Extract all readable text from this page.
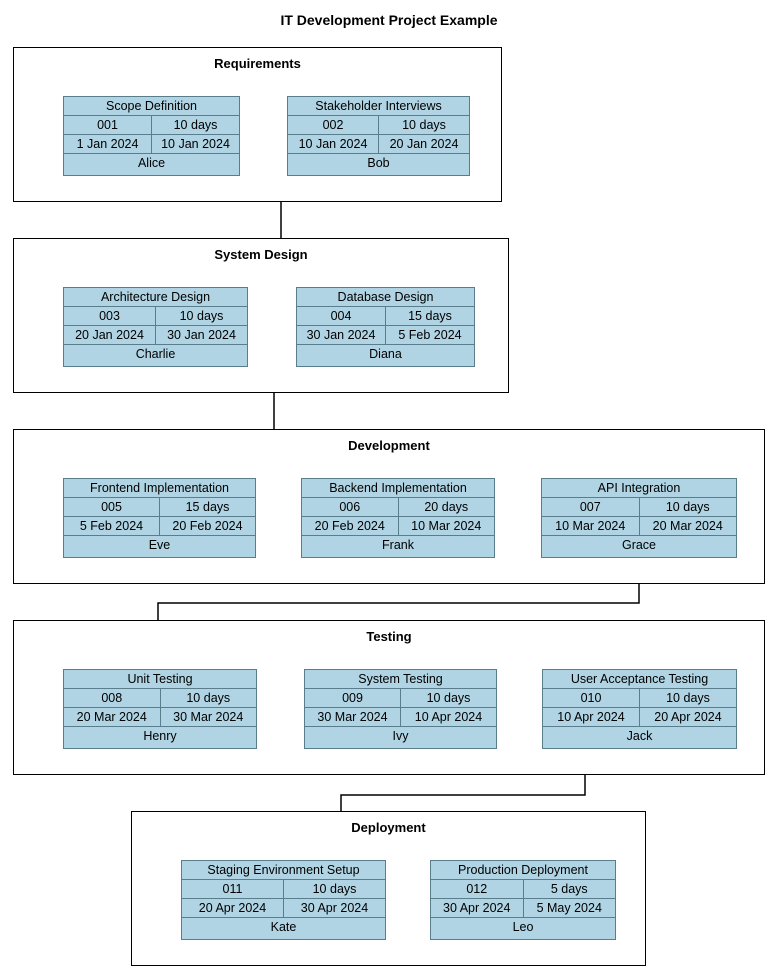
IT Development Project Example
Requirements
Scope Definition
001	10 days
1 Jan 2024	10 Jan 2024
Alice
Stakeholder Interviews
002	10 days
10 Jan 2024	20 Jan 2024
Bob
System Design
Architecture Design
003	10 days
20 Jan 2024	30 Jan 2024
Charlie
Database Design
004	15 days
30 Jan 2024	5 Feb 2024
Diana
Development
Frontend Implementation
005	15 days
5 Feb 2024	20 Feb 2024
Eve
Backend Implementation
006	20 days
20 Feb 2024	10 Mar 2024
Frank
API Integration
007	10 days
10 Mar 2024	20 Mar 2024
Grace
Testing
Unit Testing
008	10 days
20 Mar 2024	30 Mar 2024
Henry
System Testing
009	10 days
30 Mar 2024	10 Apr 2024
Ivy
User Acceptance Testing
010	10 days
10 Apr 2024	20 Apr 2024
Jack
Deployment
Staging Environment Setup
011	10 days
20 Apr 2024	30 Apr 2024
Kate
Production Deployment
012	5 days
30 Apr 2024	5 May 2024
Leo
